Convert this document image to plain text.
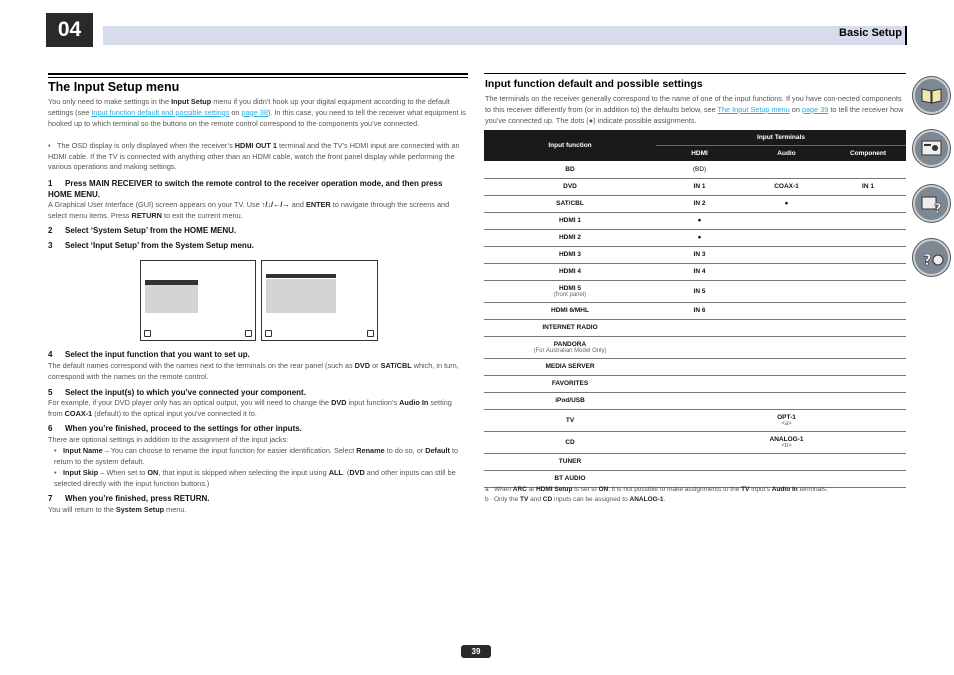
04	Basic Setup
The Input Setup menu
You only need to make settings in the Input Setup menu if you didn’t hook up your digital equipment according to the default settings (see Input function default and possible settings on page 38). In this case, you need to tell the receiver what equipment is hooked up to which terminal so the buttons on the remote control correspond to the components you’ve connected.
• The OSD display is only displayed when the receiver’s HDMI OUT 1 terminal and the TV’s HDMI input are connected with an HDMI cable. If the TV is connected with anything other than an HDMI cable, watch the front panel display while performing the various operations and making settings.
1 Press MAIN RECEIVER to switch the remote control to the receiver operation mode, and then press HOME MENU.
A Graphical User Interface (GUI) screen appears on your TV. Use ↑/↓/←/→ and ENTER to navigate through the screens and select menu items. Press RETURN to exit the current menu.
2 Select ‘System Setup’ from the HOME MENU.
3 Select ‘Input Setup’ from the System Setup menu.
4 Select the input function that you want to set up.
The default names correspond with the names next to the terminals on the rear panel (such as DVD or SAT/CBL which, in turn, correspond with the names on the remote control.
5 Select the input(s) to which you’ve connected your component.
For example, if your DVD player only has an optical output, you will need to change the DVD input function’s Audio In setting from COAX-1 (default) to the optical input you’ve connected it to.
6 When you’re finished, proceed to the settings for other inputs.
There are optional settings in addition to the assignment of the input jacks:
• Input Name – You can choose to rename the input function for easier identification. Select Rename to do so, or Default to return to the system default.
• Input Skip – When set to ON, that input is skipped when selecting the input using ALL. (DVD and other inputs can still be selected directly with the input function buttons.)
7 When you’re finished, press RETURN.
You will return to the System Setup menu.
Input function default and possible settings
The terminals on the receiver generally correspond to the name of one of the input functions. If you have con-nected components to this receiver differently from (or in addition to) the defaults below, see The Input Setup menu on page 39 to tell the receiver how you’ve connected up. The dots (●) indicate possible assignments.
Input function	Input Terminals		
	HDMI	Audio	Component

BD	(BD)		

DVD	IN 1	COAX-1	IN 1

SAT/CBL	IN 2	●	

HDMI 1	●		

HDMI 2	●		

HDMI 3	IN 3		

HDMI 4	IN 4		

HDMI 5
(front panel)	IN 5		

HDMI 6/MHL	IN 6		

INTERNET RADIO			

PANDORA
(For Australian Model Only)			

MEDIA SERVER			

FAVORITES			

iPod/USB			

TV		OPT-1
<a>	

CD		ANALOG-1
<b>	

TUNER			

BT AUDIO			

a When ARC at HDMI Setup is set to ON, it is not possible to make assignments to the TV input’s Audio In terminals.
b Only the TV and CD inputs can be assigned to ANALOG-1.
?
?
39
